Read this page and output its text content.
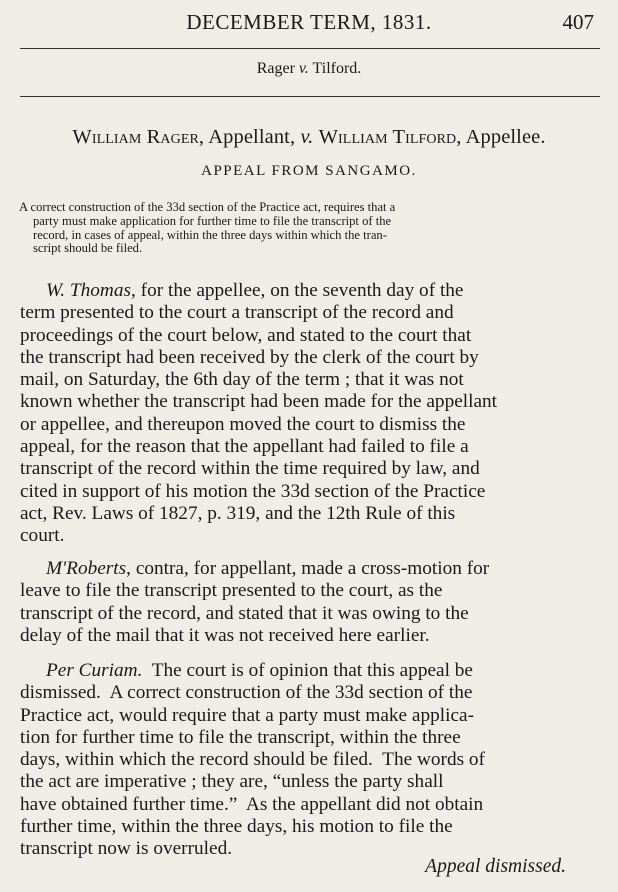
DECEMBER TERM, 1831.	407
Rager v. Tilford.
William Rager, Appellant, v. William Tilford, Appellee.
APPEAL FROM SANGAMO.
A correct construction of the 33d section of the Practice act, requires that a
party must make application for further time to file the transcript of the
record, in cases of appeal, within the three days within which the tran-
script should be filed.
W. Thomas, for the appellee, on the seventh day of the
term presented to the court a transcript of the record and
proceedings of the court below, and stated to the court that
the transcript had been received by the clerk of the court by
mail, on Saturday, the 6th day of the term ; that it was not
known whether the transcript had been made for the appellant
or appellee, and thereupon moved the court to dismiss the
appeal, for the reason that the appellant had failed to file a
transcript of the record within the time required by law, and
cited in support of his motion the 33d section of the Practice
act, Rev. Laws of 1827, p. 319, and the 12th Rule of this
court.
M'Roberts, contra, for appellant, made a cross-motion for
leave to file the transcript presented to the court, as the
transcript of the record, and stated that it was owing to the
delay of the mail that it was not received here earlier.
Per Curiam.  The court is of opinion that this appeal be
dismissed.  A correct construction of the 33d section of the
Practice act, would require that a party must make applica-
tion for further time to file the transcript, within the three
days, within which the record should be filed.  The words of
the act are imperative ; they are, “unless the party shall
have obtained further time.”  As the appellant did not obtain
further time, within the three days, his motion to file the
transcript now is overruled.
Appeal dismissed.
